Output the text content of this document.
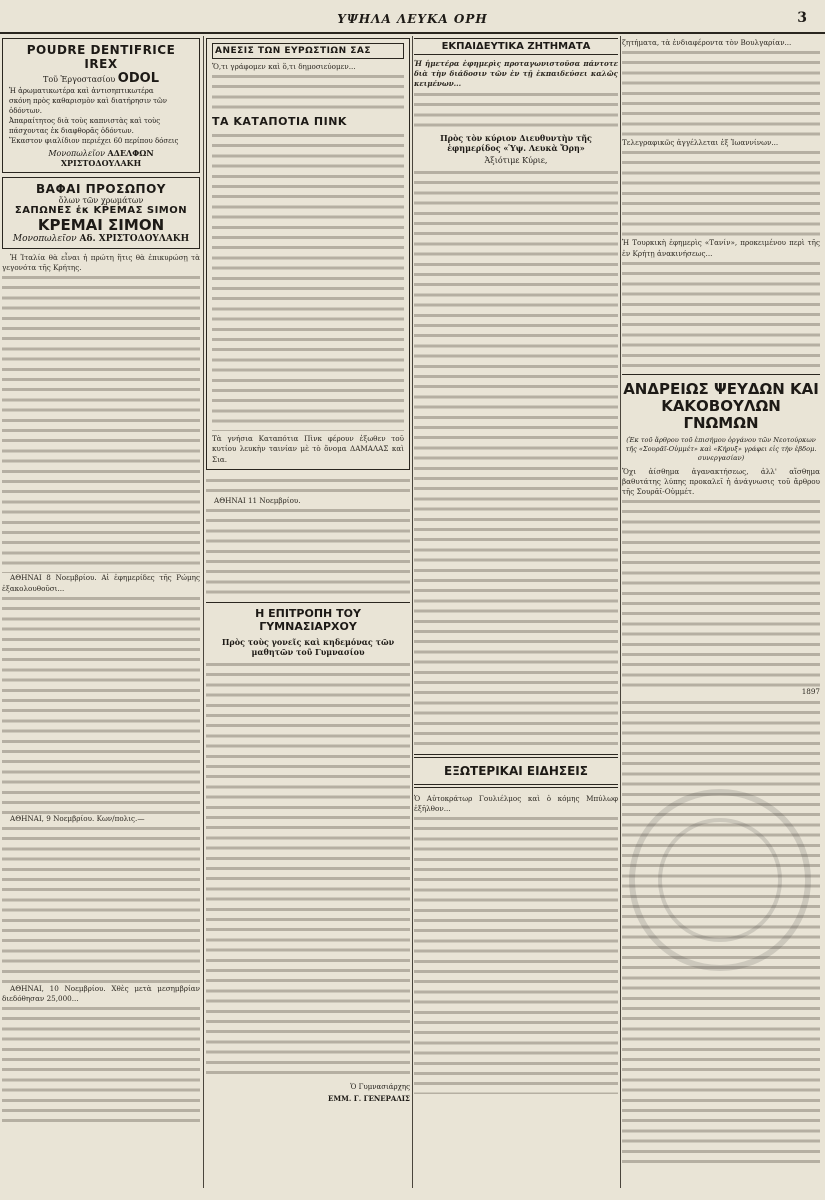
ΥΨΗΛΑ ΛΕΥΚΑ ΟΡΗ	3
POUDRE DENTIFRICE IREX
Τοῦ Ἐργοστασίου ODOL
Ἡ ἀρωματικωτέρα καὶ ἀντισηπτικωτέρα
σκόνη πρὸς καθαρισμὸν καὶ διατήρησιν τῶν ὀδόντων.
Ἀπαραίτητος διὰ τοὺς καπνιστὰς καὶ τοὺς
πάσχοντας ἐκ διαφθορᾶς ὀδόντων.
Ἕκαστον φιαλίδιον περιέχει 60 περίπου δόσεις
Μονοπωλεῖον ΑΔΕΛΦΩΝ ΧΡΙΣΤΟΔΟΥΛΑΚΗ
ΒΑΦΑΙ ΠΡΟΣΩΠΟΥ
ὅλων τῶν χρωμάτων
ΣΑΠΩΝΕΣ ἐκ ΚΡΕΜΑΣ SIMON
ΚΡΕΜΑΙ ΣΙΜΟΝ
Μονοπωλεῖον Αδ. ΧΡΙΣΤΟΔΟΥΛΑΚΗ

Ἡ Ἰταλία θὰ εἶναι ἡ πρώτη ἥτις θὰ ἐπικυρώσῃ τὰ γεγονότα τῆς Κρήτης.

ΑΘΗΝΑΙ 8 Νοεμβρίου. Αἱ ἐφημερίδες τῆς Ρώμης ἐξακολουθοῦσι...

ΑΘΗΝΑΙ, 9 Νοεμβρίου. Κων/πολις.—

ΑΘΗΝΑΙ, 10 Νοεμβρίου. Χθὲς μετὰ μεσημβρίαν διεδόθησαν 25,000...

ΑΝΕΣΙΣ ΤΩΝ ΕΥΡΩΣΤΙΩΝ ΣΑΣ
Ὅ,τι γράφομεν καὶ ὅ,τι δημοσιεύομεν...
ΤΑ ΚΑΤΑΠΟΤΙΑ ΠΙΝΚ
Τὰ γνήσια Καταπότια Πὶνκ φέρουν ἐξωθεν τοῦ κυτίου λευκὴν ταινίαν μὲ τὸ ὄνομα ΔΑΜΑΛΑΣ καὶ Σια.

ΑΘΗΝΑΙ 11 Νοεμβρίου.

Η ΕΠΙΤΡΟΠΗ ΤΟΥ ΓΥΜΝΑΣΙΑΡΧΟΥ
Πρὸς τοὺς γονεῖς καὶ κηδεμόνας τῶν μαθητῶν τοῦ Γυμνασίου
Ὁ Γυμνασιάρχης
ΕΜΜ. Γ. ΓΕΝΕΡΑΛΙΣ
ΕΚΠΑΙΔΕΥΤΙΚΑ ΖΗΤΗΜΑΤΑ
Ἡ ἡμετέρα ἐφημερὶς προταγωνιστοῦσα πάντοτε διὰ τὴν διάδοσιν τῶν ἐν τῇ ἐκπαιδεύσει καλῶς κειμένων...
Πρὸς τὸν κύριον Διευθυντὴν τῆς ἐφημερίδος «Ὑψ. Λευκὰ Ὄρη»
Ἀξιότιμε Κύριε,
ΕΞΩΤΕΡΙΚΑΙ ΕΙΔΗΣΕΙΣ
Ὁ Αὐτοκράτωρ Γουλιέλμος καὶ ὁ κόμης Μπύλωφ ἐξῆλθον...
ζητήματα, τὰ ἐνδιαφέροντα τὸν Βουλγαρίαν...
Τελεγραφικῶς ἀγγέλλεται ἐξ Ἰωαννίνων...
Ἡ Τουρκικὴ ἐφημερὶς «Τανίν», προκειμένου περὶ τῆς ἐν Κρήτῃ ἀνακινήσεως...
ΑΝΔΡΕΙΩΣ ΨΕΥΔΩΝ ΚΑΙ ΚΑΚΟΒΟΥΛΩΝ ΓΝΩΜΩΝ
(Ἐκ τοῦ ἄρθρου τοῦ ἐπισήμου ὀργάνου τῶν Νεοτούρκων τῆς «Σουρᾶῖ-Οὐμμέτ» καὶ «Κήρυξ» γράφει εἰς τὴν ἑβδομ. συνεργασίαν)
Ὅχι ἀίσθημα ἀγανακτήσεως, ἀλλ' αἴσθημα βαθυτάτης λύπης προκαλεῖ ἡ ἀνάγνωσις τοῦ ἄρθρου τῆς Σουρᾶῖ-Οὐμμέτ.
1897
